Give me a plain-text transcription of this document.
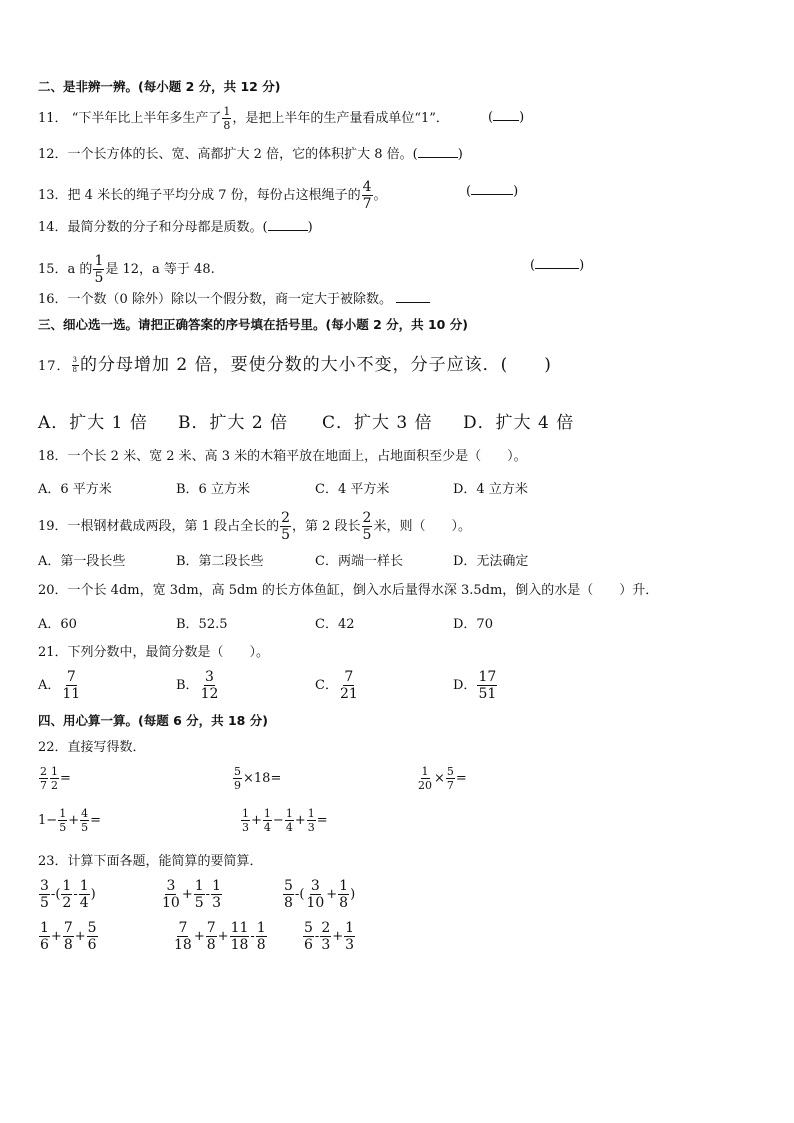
二、是非辨一辨。(每小题 2 分，共 12 分)
11． “下半年比上半年多生产了 $\frac{1}{8}$ ，是把上半年的生产量看成单位“1”．	( )
12．一个长方体的长、宽、高都扩大 2 倍，它的体积扩大 8 倍。(	)
13．把 4 米长的绳子平均分成 7 份，每份占这根绳子的 $\frac{4}{7}$ 。	(	)
14．最简分数的分子和分母都是质数。(	)
15．a 的 $\frac{1}{5}$ 是 12，a 等于 48.	(	)
16．一个数（0 除外）除以一个假分数，商一定大于被除数。
三、细心选一选。请把正确答案的序号填在括号里。(每小题 2 分，共 10 分)
17． $\frac{3}{8}$ 的分母增加 2 倍，要使分数的大小不变，分子应该．(　　)
A．扩大 1 倍 B．扩大 2 倍 C．扩大 3 倍 D．扩大 4 倍
18．一个长 2 米、宽 2 米、高 3 米的木箱平放在地面上，占地面积至少是（　　）。
A．6 平方米	B．6 立方米	C．4 平方米	D．4 立方米
19．一根钢材截成两段，第 1 段占全长的 $\frac{2}{5}$ ，第 2 段长 $\frac{2}{5}$ 米，则（　　）。
A．第一段长些	B．第二段长些	C．两端一样长	D．无法确定
20．一个长 4dm，宽 3dm，高 5dm 的长方体鱼缸，倒入水后量得水深 3.5dm，倒入的水是（　　）升．
A．60	B．52.5	C．42	D．70
21．下列分数中，最简分数是（　　）。
A． $\frac{7}{11}$	B． $\frac{3}{12}$	C． $\frac{7}{21}$	D． $\frac{17}{51}$
四、用心算一算。(每题 6 分，共 18 分)
22．直接写得数．
$\frac{2}{7} \frac{1}{2}$ =	$\frac{5}{9} \times 18=$	$\frac{1}{20} \times \frac{5}{7}$ =
$1- \frac{1}{5} + \frac{4}{5}$ =	$\frac{1}{3} + \frac{1}{4} - \frac{1}{4} + \frac{1}{3}$ =
23．计算下面各题，能简算的要简算．
$\frac{3}{5}$ -( $\frac{1}{2} - \frac{1}{4}$ )	$\frac{3}{10} + \frac{1}{5} - \frac{1}{3}$	$\frac{5}{8}$ -( $\frac{3}{10} + \frac{1}{8}$ )
$\frac{1}{6} + \frac{7}{8} + \frac{5}{6}$	$\frac{7}{18} + \frac{7}{8} + \frac{11}{18} - \frac{1}{8}$	$\frac{5}{6} - \frac{2}{3} + \frac{1}{3}$
